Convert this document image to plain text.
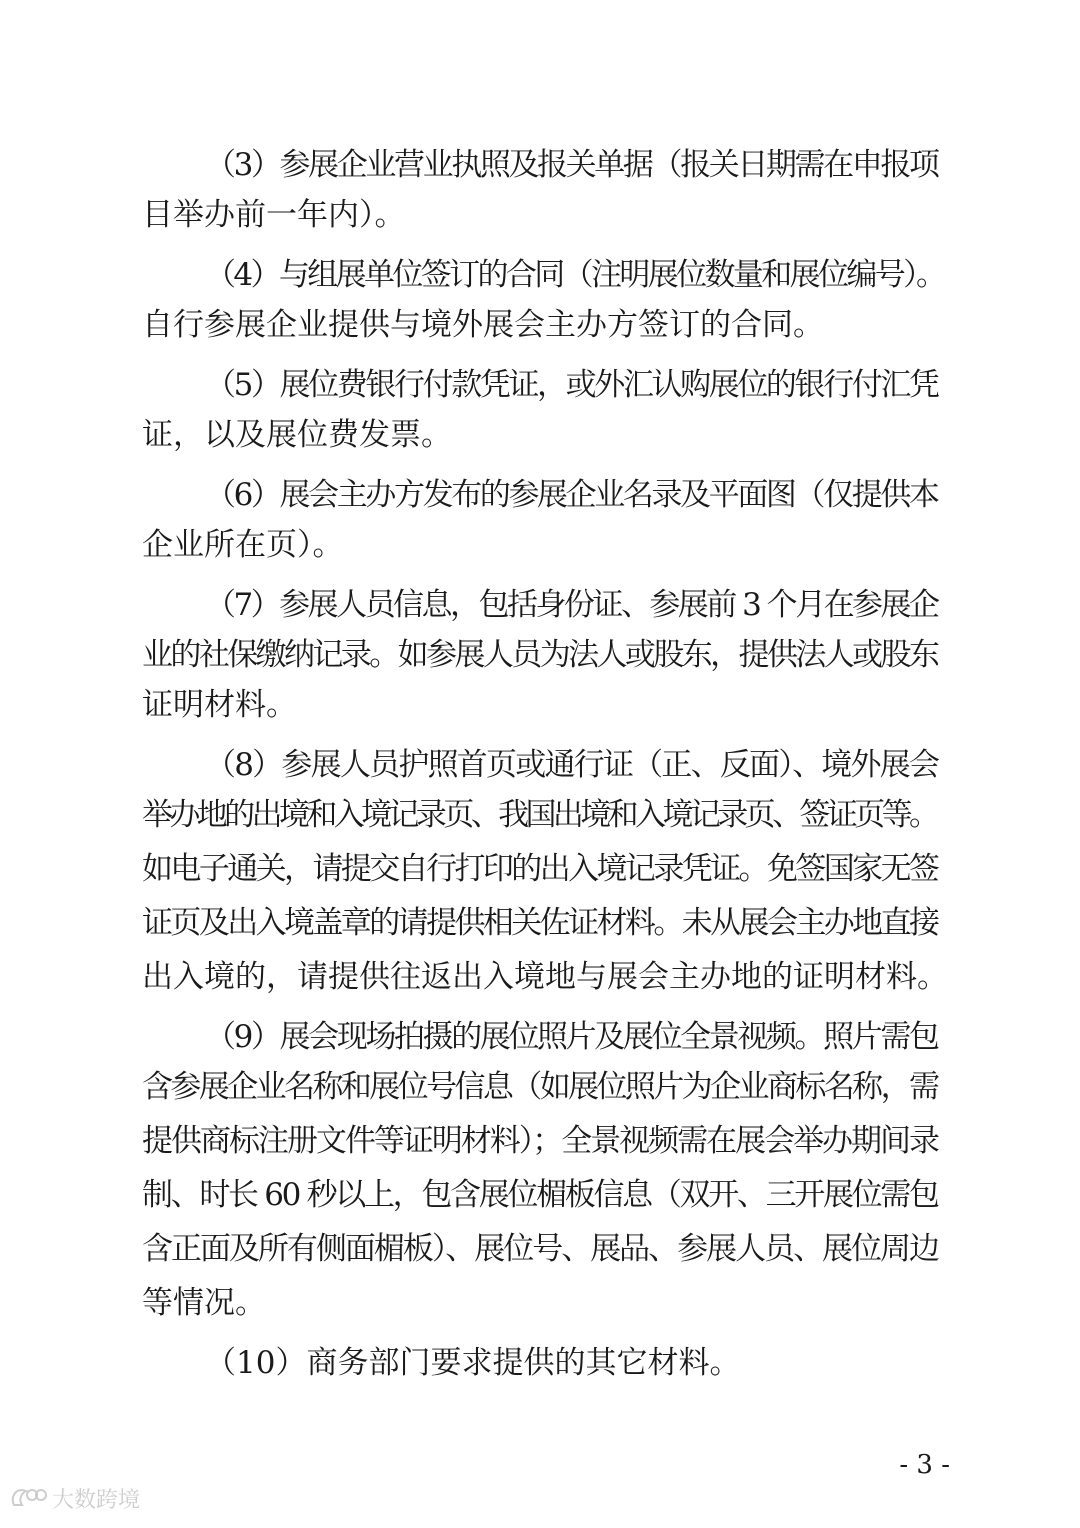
（3）参展企业营业执照及报关单据（报关日期需在申报项
目举办前一年内）。
（4）与组展单位签订的合同（注明展位数量和展位编号）。
自行参展企业提供与境外展会主办方签订的合同。
（5）展位费银行付款凭证，或外汇认购展位的银行付汇凭
证，以及展位费发票。
（6）展会主办方发布的参展企业名录及平面图（仅提供本
企业所在页）。
（7）参展人员信息，包括身份证、参展前 3 个月在参展企
业的社保缴纳记录。如参展人员为法人或股东，提供法人或股东
证明材料。
（8）参展人员护照首页或通行证（正、反面）、境外展会
举办地的出境和入境记录页、我国出境和入境记录页、签证页等。
如电子通关，请提交自行打印的出入境记录凭证。免签国家无签
证页及出入境盖章的请提供相关佐证材料。未从展会主办地直接
出入境的，请提供往返出入境地与展会主办地的证明材料。
（9）展会现场拍摄的展位照片及展位全景视频。照片需包
含参展企业名称和展位号信息（如展位照片为企业商标名称，需
提供商标注册文件等证明材料）；全景视频需在展会举办期间录
制、时长 60 秒以上，包含展位楣板信息（双开、三开展位需包
含正面及所有侧面楣板）、展位号、展品、参展人员、展位周边
等情况。
（10）商务部门要求提供的其它材料。
- 3 -
大数跨境
